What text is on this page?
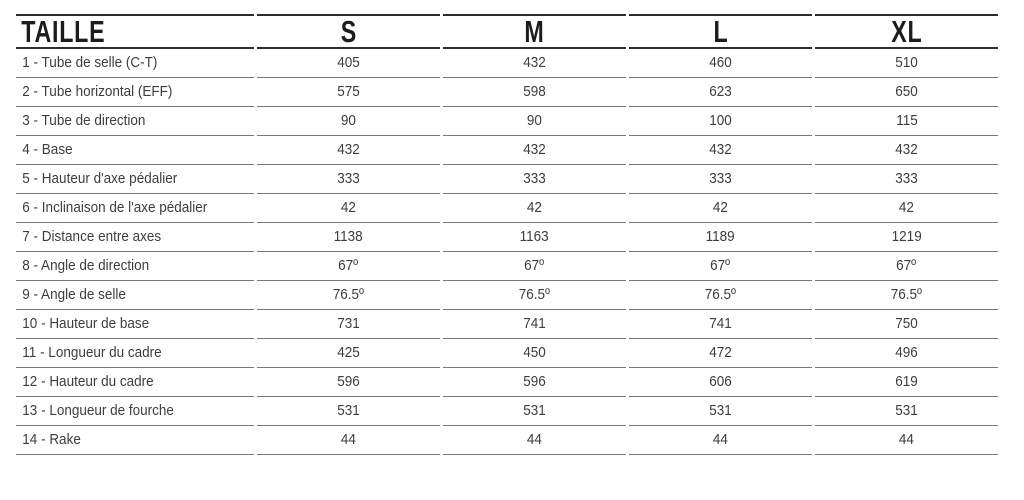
TAILLE	S	M	L	XL
1 - Tube de selle (C-T)	405	432	460	510
2 - Tube horizontal (EFF)	575	598	623	650
3 - Tube de direction	90	90	100	115
4 - Base	432	432	432	432
5 - Hauteur d'axe pédalier	333	333	333	333
6 - Inclinaison de l'axe pédalier	42	42	42	42
7 - Distance entre axes	1138	1163	1189	1219
8 - Angle de direction	67º	67º	67º	67º
9 - Angle de selle	76.5º	76.5º	76.5º	76.5º
10 - Hauteur de base	731	741	741	750
11 - Longueur du cadre	425	450	472	496
12 - Hauteur du cadre	596	596	606	619
13 - Longueur de fourche	531	531	531	531
14 - Rake	44	44	44	44
